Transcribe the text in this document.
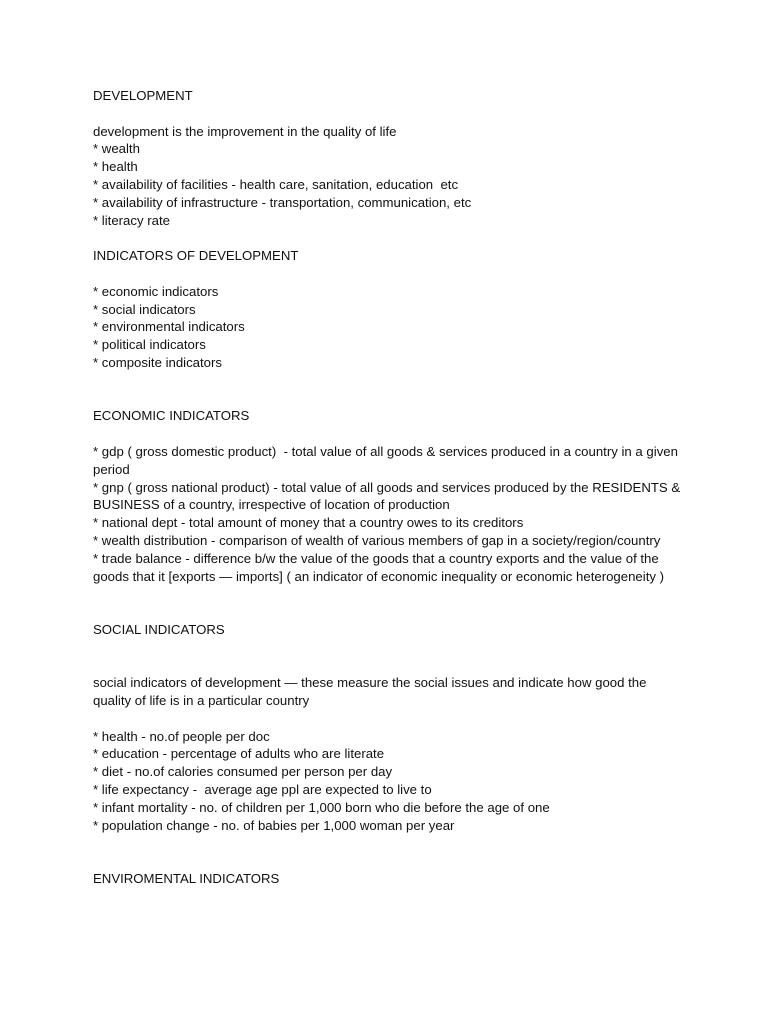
DEVELOPMENT

development is the improvement in the quality of life

* wealth

* health

* availability of facilities - health care, sanitation, education  etc

* availability of infrastructure - transportation, communication, etc

* literacy rate

INDICATORS OF DEVELOPMENT

* economic indicators

* social indicators

* environmental indicators

* political indicators

* composite indicators

ECONOMIC INDICATORS

* gdp ( gross domestic product)  - total value of all goods & services produced in a country in a given period

* gnp ( gross national product) - total value of all goods and services produced by the RESIDENTS & BUSINESS of a country, irrespective of location of production

* national dept - total amount of money that a country owes to its creditors

* wealth distribution - comparison of wealth of various members of gap in a society/region/country

* trade balance - difference b/w the value of the goods that a country exports and the value of the goods that it [exports — imports] ( an indicator of economic inequality or economic heterogeneity )

SOCIAL INDICATORS

social indicators of development — these measure the social issues and indicate how good the quality of life is in a particular country

* health - no.of people per doc

* education - percentage of adults who are literate

* diet - no.of calories consumed per person per day

* life expectancy -  average age ppl are expected to live to

* infant mortality - no. of children per 1,000 born who die before the age of one

* population change - no. of babies per 1,000 woman per year

ENVIROMENTAL INDICATORS
